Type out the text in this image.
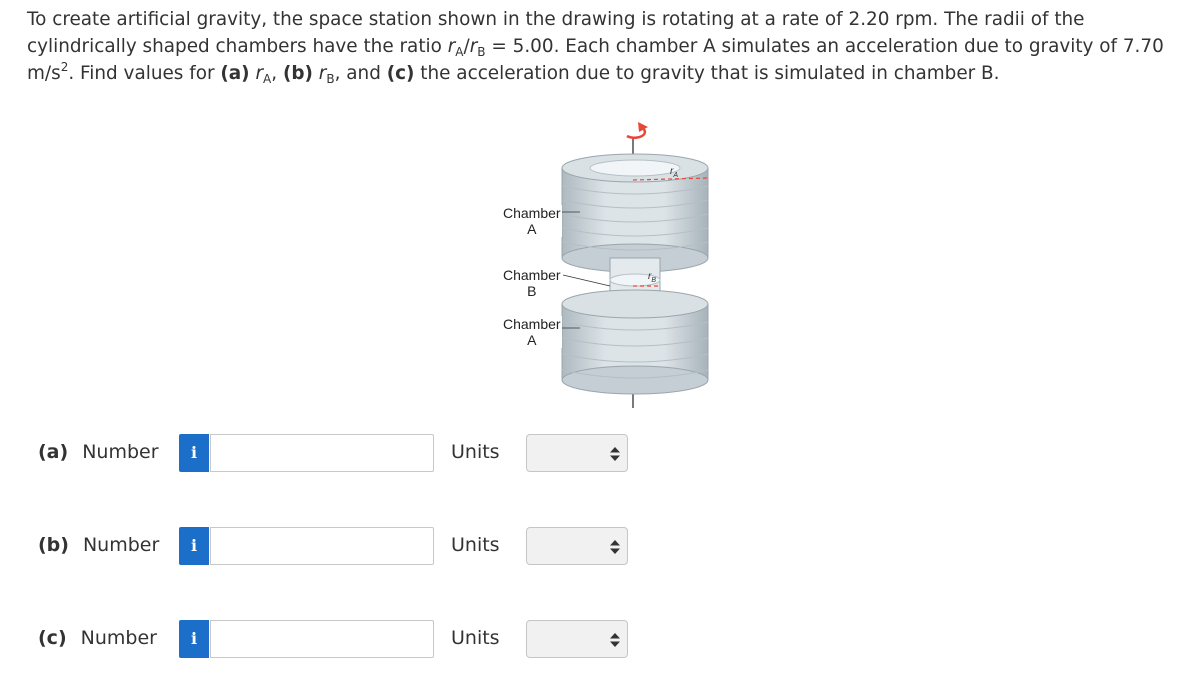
To create artificial gravity, the space station shown in the drawing is rotating at a rate of 2.20 rpm. The radii of the cylindrically shaped chambers have the ratio $r_A/r_B = 5.00$. Each chamber A simulates an acceleration due to gravity of 7.70 $m/s^2$. Find values for (a) $r_A$, (b) $r_B$, and (c) the acceleration due to gravity that is simulated in chamber B.
Chamber
A
Chamber
B
Chamber
A
$r_A$
$r_B$
(a) Number	i	Units
(b) Number	i	Units
(c) Number	i	Units
